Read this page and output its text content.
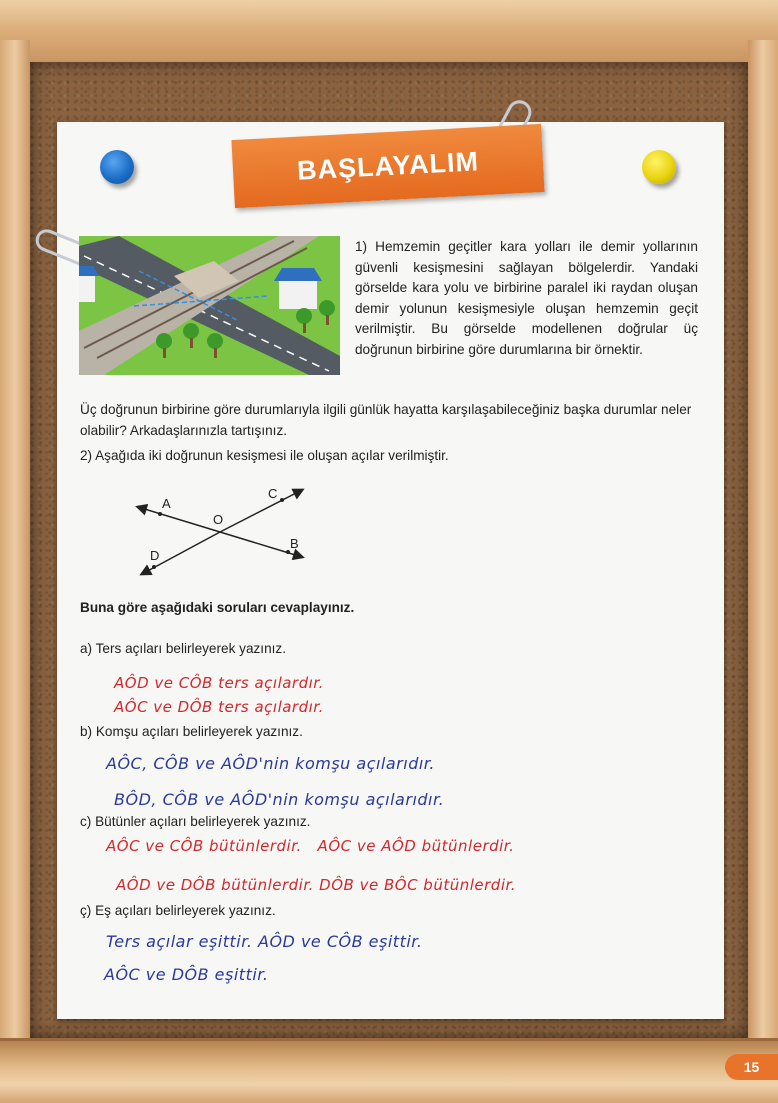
BAŞLAYALIM

1) Hemzemin geçitler kara yolları ile demir yollarının güvenli kesişmesini sağlayan bölgelerdir. Yandaki görselde kara yolu ve birbirine paralel iki raydan oluşan demir yolunun kesişmesiyle oluşan hemzemin geçit verilmiştir. Bu görselde modellenen doğrular üç doğrunun birbirine göre durumlarına bir örnektir.

Üç doğrunun birbirine göre durumlarıyla ilgili günlük hayatta karşılaşabileceğiniz başka durumlar neler olabilir? Arkadaşlarınızla tartışınız.

2) Aşağıda iki doğrunun kesişmesi ile oluşan açılar verilmiştir.

A
B
C
D
O

Buna göre aşağıdaki soruları cevaplayınız.

a) Ters açıları belirleyerek yazınız.

AÔD ve CÔB ters açılardır.
AÔC ve DÔB ters açılardır.

b) Komşu açıları belirleyerek yazınız.

AÔC, CÔB ve AÔD'nin komşu açılarıdır.
BÔD, CÔB ve AÔD'nin komşu açılarıdır.

c) Bütünler açıları belirleyerek yazınız.

AÔC ve CÔB bütünlerdir.   AÔC ve AÔD bütünlerdir.
AÔD ve DÔB bütünlerdir. DÔB ve BÔC bütünlerdir.

ç) Eş açıları belirleyerek yazınız.

Ters açılar eşittir. AÔD ve CÔB eşittir.
AÔC ve DÔB eşittir.
15
